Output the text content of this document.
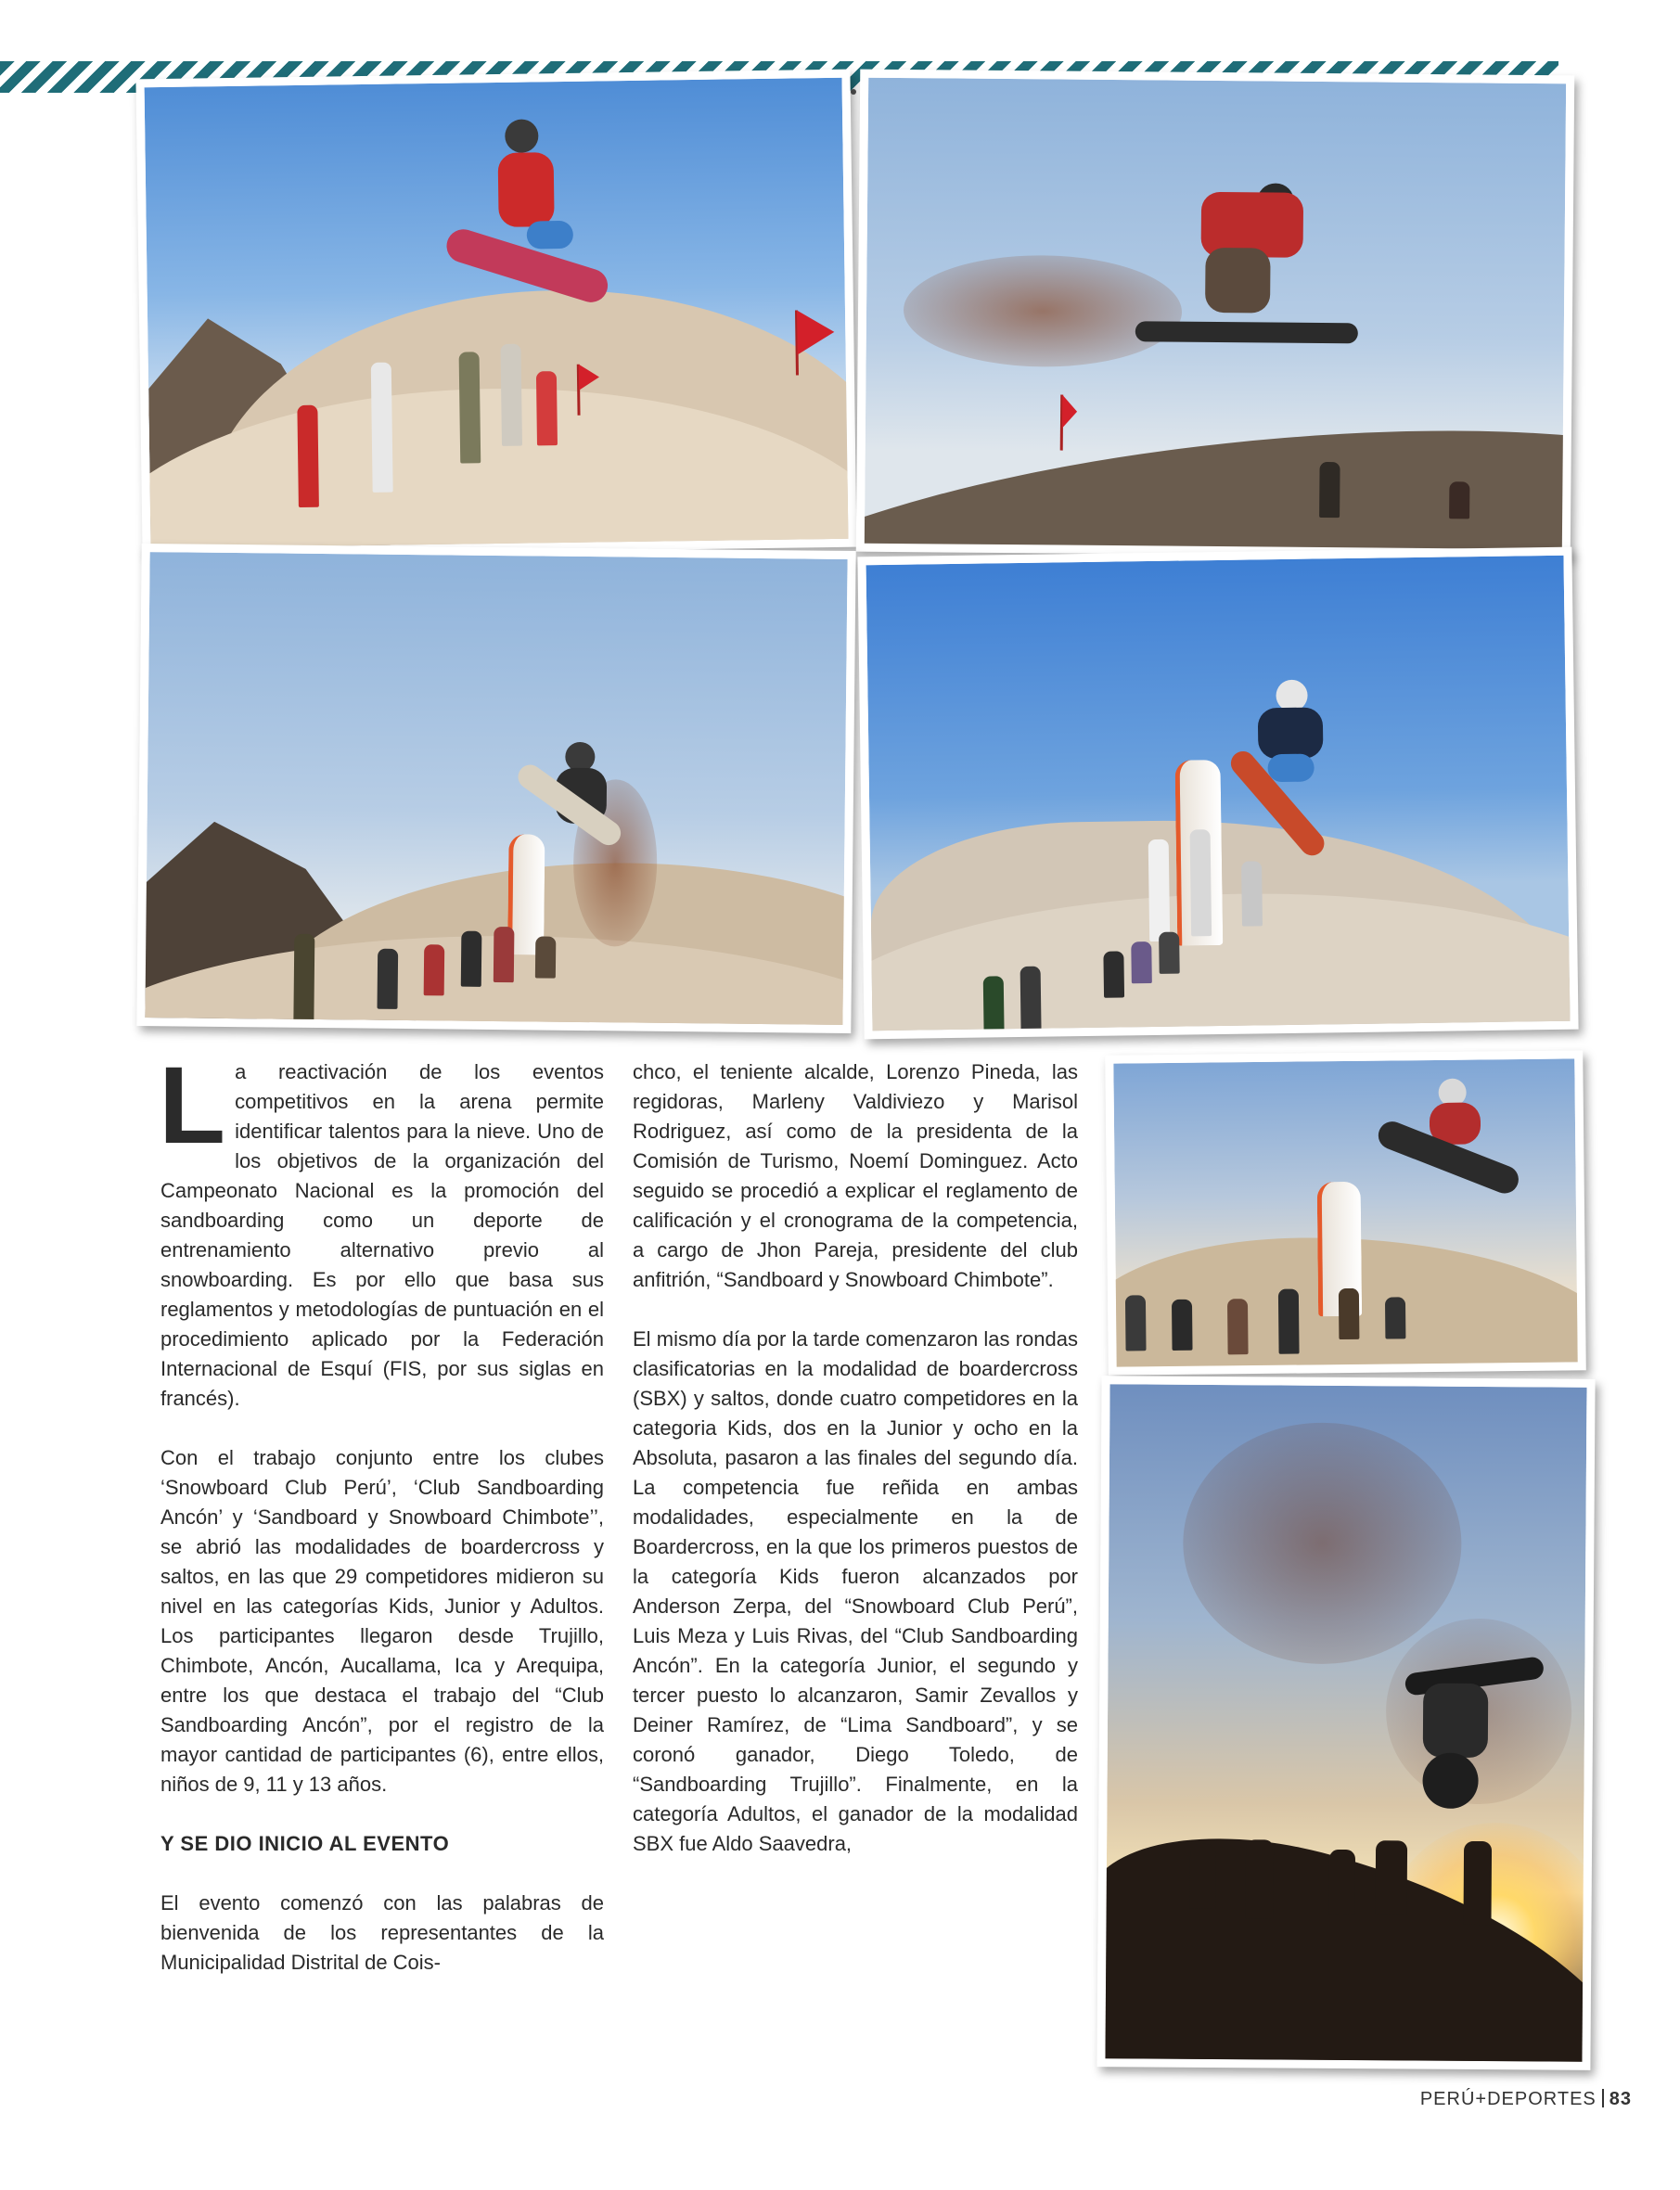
La reactivación de los eventos competitivos en la arena permite identificar talentos para la nieve. Uno de los objetivos de la organización del Campeonato Nacional es la promoción del sandboarding como un deporte de entrenamiento alternativo previo al snowboarding. Es por ello que basa sus reglamentos y metodologías de puntuación en el procedimiento aplicado por la Federación Internacional de Esquí (FIS, por sus siglas en francés).

Con el trabajo conjunto entre los clubes ‘Snowboard Club Perú’, ‘Club Sandboarding Ancón’ y ‘Sandboard y Snowboard Chimbote’’, se abrió las modalidades de boardercross y saltos, en las que 29 competidores midieron su nivel en las categorías Kids, Junior y Adultos. Los participantes llegaron desde Trujillo, Chimbote, Ancón, Aucallama, Ica y Arequipa, entre los que destaca el trabajo del “Club Sandboarding Ancón”, por el registro de la mayor cantidad de participantes (6), entre ellos, niños de 9, 11 y 13 años.

Y SE DIO INICIO AL EVENTO

El evento comenzó con las palabras de bienvenida de los representantes de la Municipalidad Distrital de Cois-

chco, el teniente alcalde, Lorenzo Pineda, las regidoras, Marleny Valdiviezo y Marisol Rodriguez, así como de la presidenta de la Comisión de Turismo, Noemí Dominguez. Acto seguido se procedió a explicar el reglamento de calificación y el cronograma de la competencia, a cargo de Jhon Pareja, presidente del club anfitrión, “Sandboard y Snowboard Chimbote”.

El mismo día por la tarde comenzaron las rondas clasificatorias en la modalidad de boardercross (SBX) y saltos, donde cuatro competidores en la categoria Kids, dos en la Junior y ocho en la Absoluta, pasaron a las finales del segundo día. La competencia fue reñida en ambas modalidades, especialmente en la de Boardercross, en la que los primeros puestos de la categoría Kids fueron alcanzados por Anderson Zerpa, del “Snowboard Club Perú”, Luis Meza y Luis Rivas, del “Club Sandboarding Ancón”. En la categoría Junior, el segundo y tercer puesto lo alcanzaron, Samir Zevallos y Deiner Ramírez, de “Lima Sandboard”, y se coronó ganador, Diego Toledo, de “Sandboarding Trujillo”. Finalmente, en la categoría Adultos, el ganador de la modalidad SBX fue Aldo Saavedra,

PERÚ+DEPORTES 83
